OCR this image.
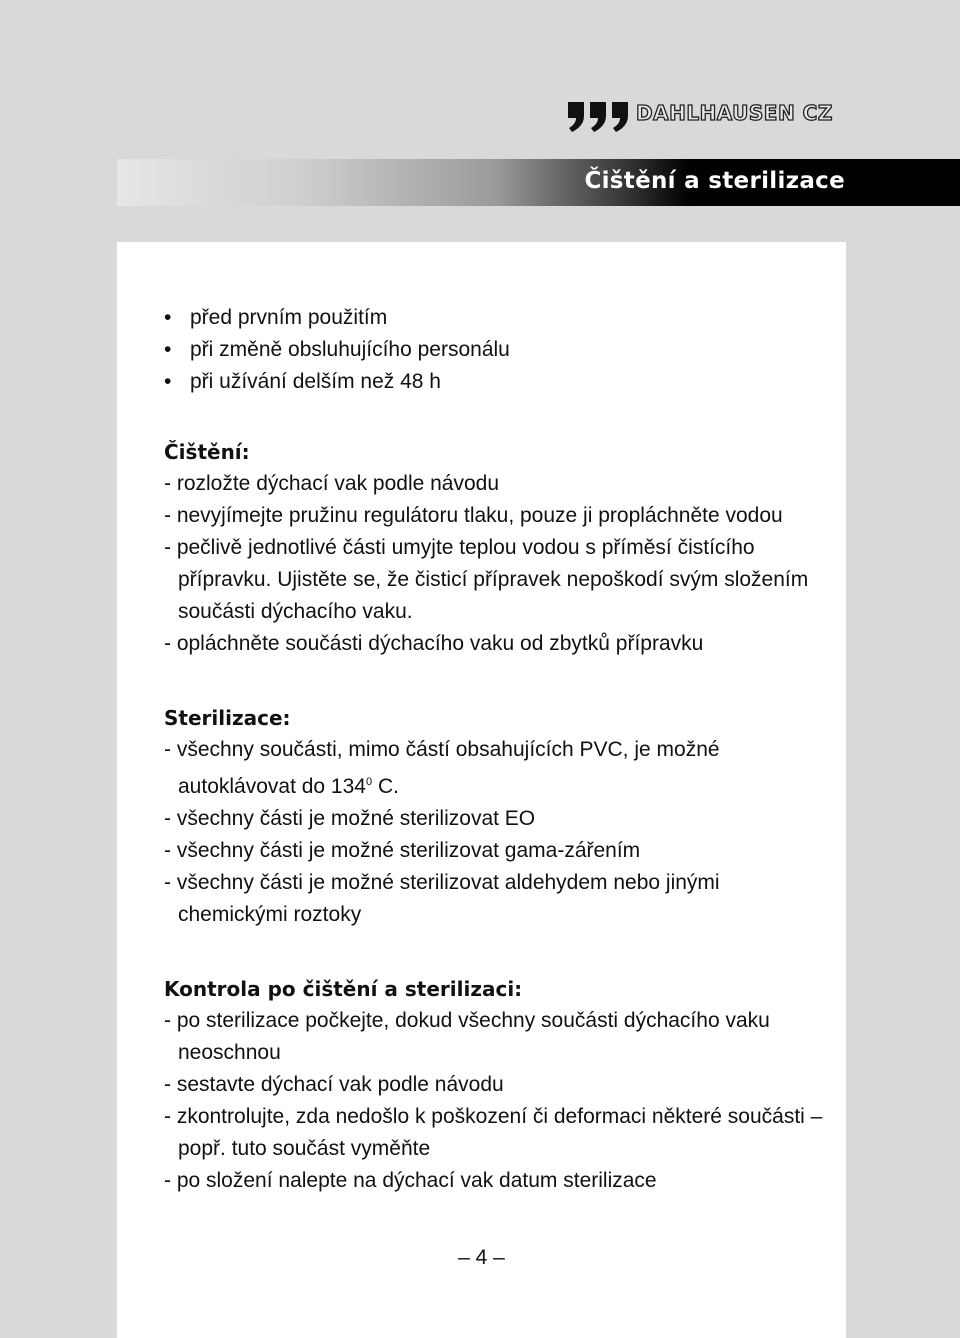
DAHLHAUSEN CZ
Čištění a sterilizace
• před prvním použitím
• při změně obsluhujícího personálu
• při užívání delším než 48 h
Čištění:
- rozložte dýchací vak podle návodu
- nevyjímejte pružinu regulátoru tlaku, pouze ji propláchněte vodou
- pečlivě jednotlivé části umyjte teplou vodou s příměsí čistícího přípravku. Ujistěte se, že čisticí přípravek nepoškodí svým složením součásti dýchacího vaku.
- opláchněte součásti dýchacího vaku od zbytků přípravku
Sterilizace:
- všechny součásti, mimo částí obsahujících PVC, je možné autoklávovat do $134^0$ C.
- všechny části je možné sterilizovat EO
- všechny části je možné sterilizovat gama-zářením
- všechny části je možné sterilizovat aldehydem nebo jinými chemickými roztoky
Kontrola po čištění a sterilizaci:
- po sterilizace počkejte, dokud všechny součásti dýchacího vaku neoschnou
- sestavte dýchací vak podle návodu
- zkontrolujte, zda nedošlo k poškození či deformaci některé součásti – popř. tuto součást vyměňte
- po složení nalepte na dýchací vak datum sterilizace
– 4 –
